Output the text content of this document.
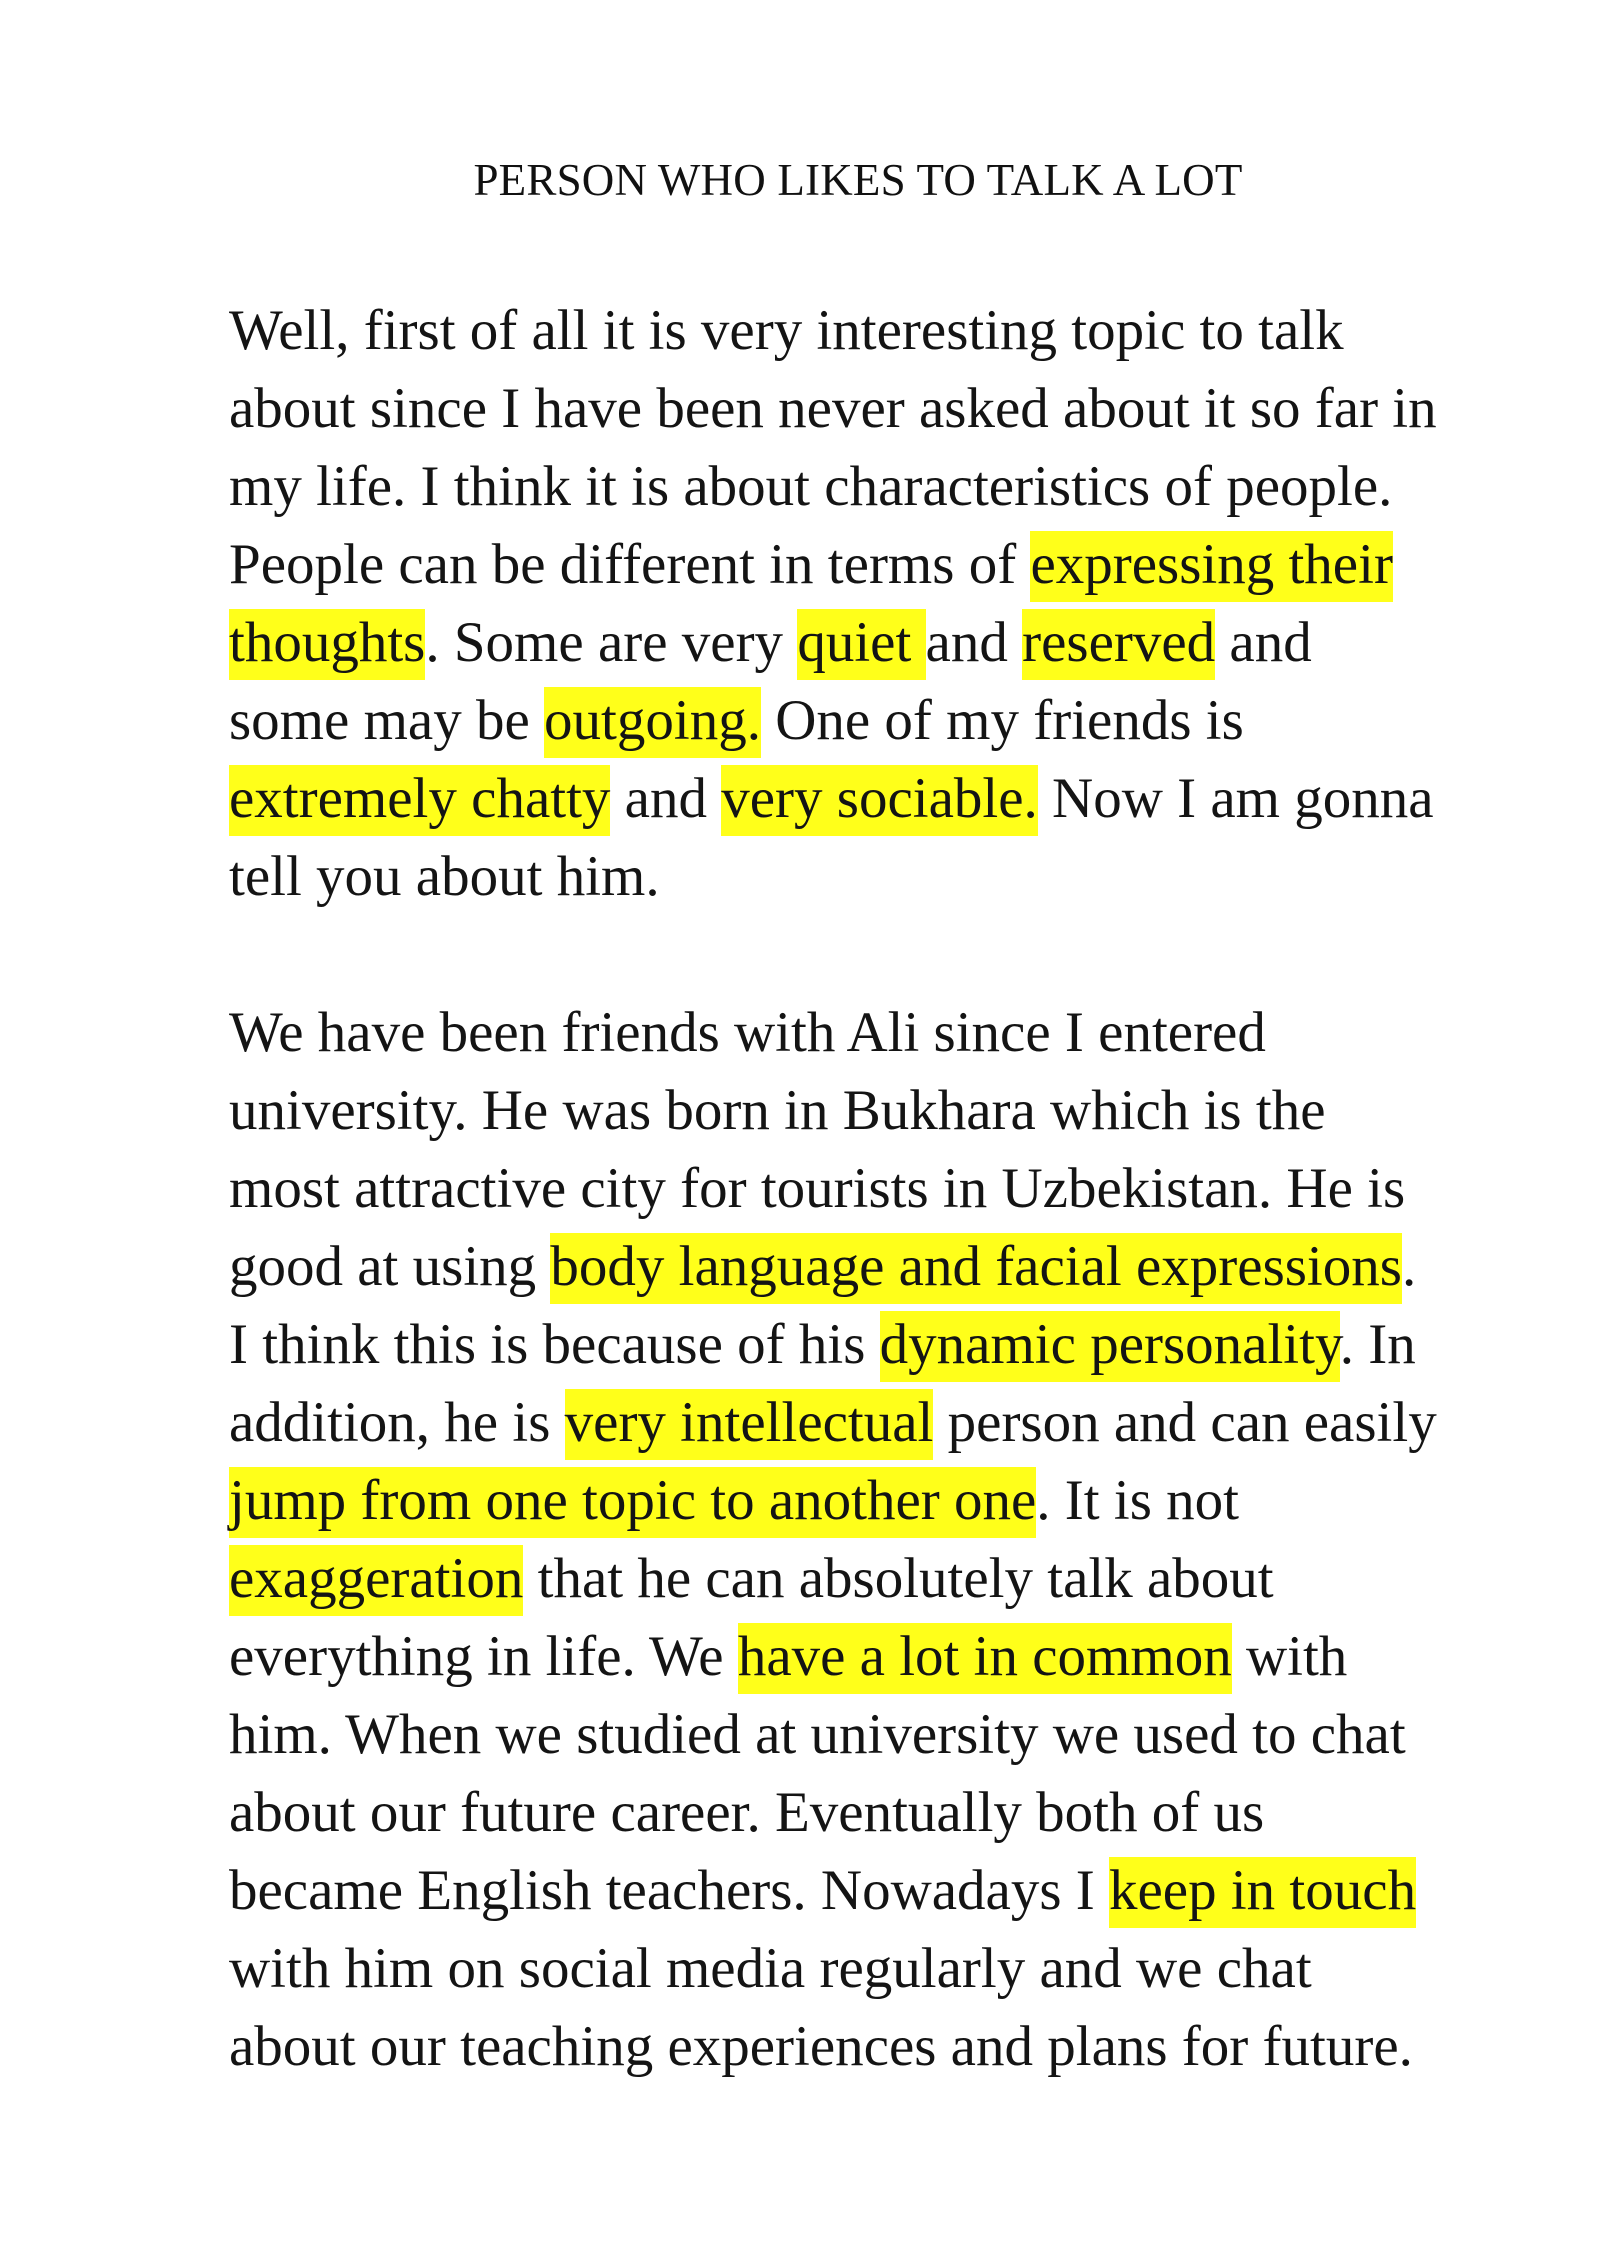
PERSON WHO LIKES TO TALK A LOT
Well, first of all it is very interesting topic to talk
about since I have been never asked about it so far in
my life. I think it is about characteristics of people.
People can be different in terms of expressing their
thoughts. Some are very quiet and reserved and
some may be outgoing. One of my friends is
extremely chatty and very sociable. Now I am gonna
tell you about him.
We have been friends with Ali since I entered
university. He was born in Bukhara which is the
most attractive city for tourists in Uzbekistan. He is
good at using body language and facial expressions.
I think this is because of his dynamic personality. In
addition, he is very intellectual person and can easily
jump from one topic to another one. It is not
exaggeration that he can absolutely talk about
everything in life. We have a lot in common with
him. When we studied at university we used to chat
about our future career. Eventually both of us
became English teachers. Nowadays I keep in touch
with him on social media regularly and we chat
about our teaching experiences and plans for future.
